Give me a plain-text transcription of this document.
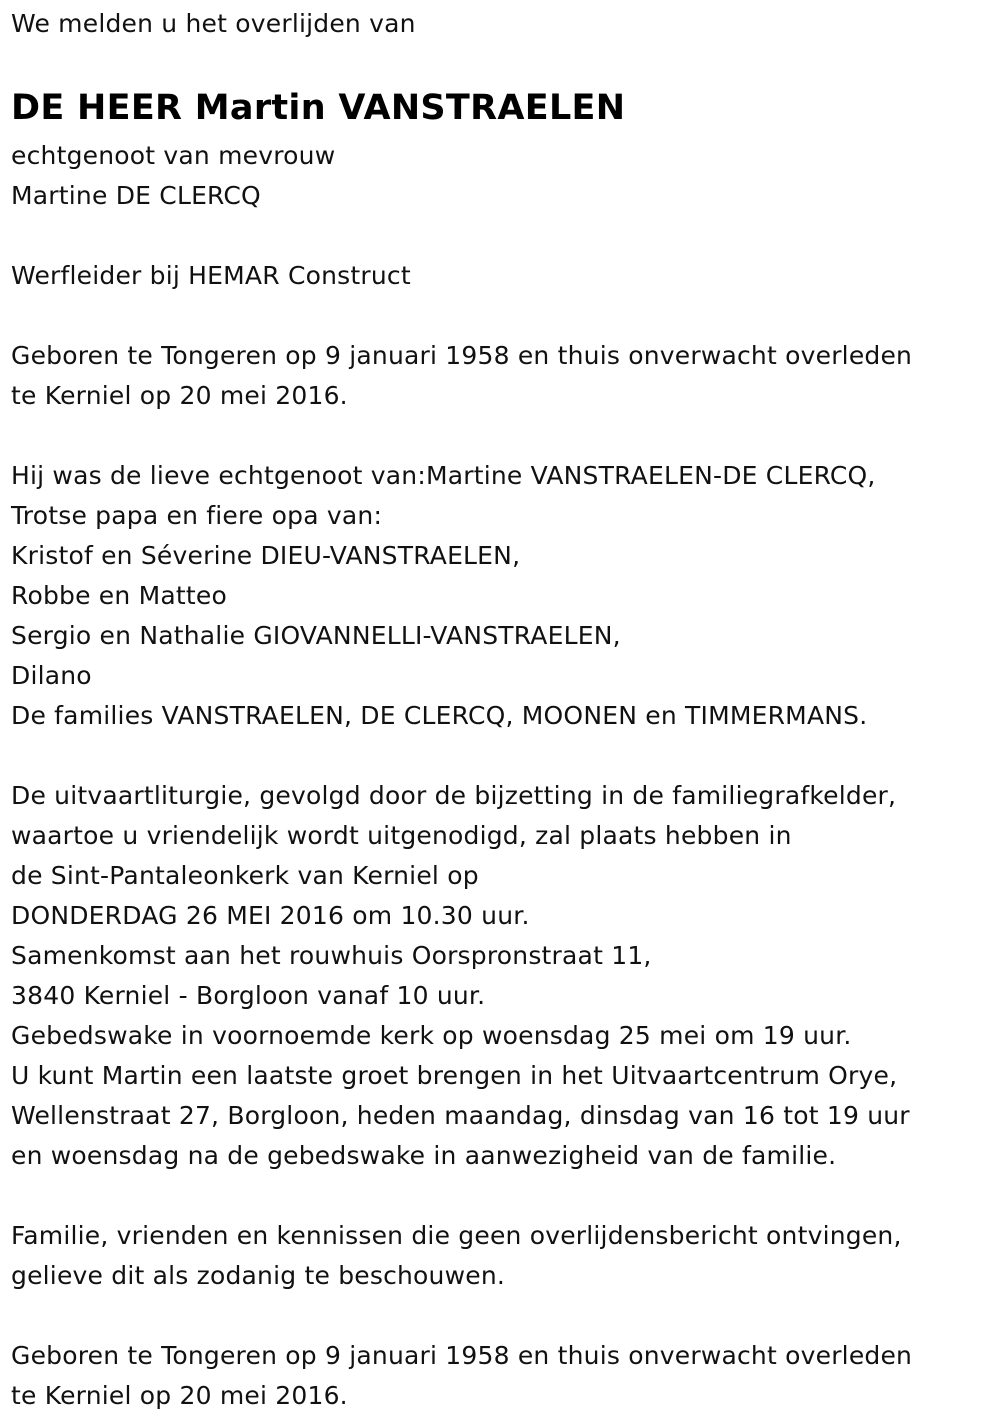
We melden u het overlijden van
DE HEER Martin VANSTRAELEN
echtgenoot van mevrouw
Martine DE CLERCQ
Werfleider bij HEMAR Construct
Geboren te Tongeren op 9 januari 1958 en thuis onverwacht overleden
te Kerniel op 20 mei 2016.
Hij was de lieve echtgenoot van:Martine VANSTRAELEN-DE CLERCQ,
Trotse papa en fiere opa van:
Kristof en Séverine DIEU-VANSTRAELEN,
Robbe en Matteo
Sergio en Nathalie GIOVANNELLI-VANSTRAELEN,
Dilano
De families VANSTRAELEN, DE CLERCQ, MOONEN en TIMMERMANS.
De uitvaartliturgie, gevolgd door de bijzetting in de familiegrafkelder,
waartoe u vriendelijk wordt uitgenodigd, zal plaats hebben in
de Sint-Pantaleonkerk van Kerniel op
DONDERDAG 26 MEI 2016 om 10.30 uur.
Samenkomst aan het rouwhuis Oorspronstraat 11,
3840 Kerniel - Borgloon vanaf 10 uur.
Gebedswake in voornoemde kerk op woensdag 25 mei om 19 uur.
U kunt Martin een laatste groet brengen in het Uitvaartcentrum Orye,
Wellenstraat 27, Borgloon, heden maandag, dinsdag van 16 tot 19 uur
en woensdag na de gebedswake in aanwezigheid van de familie.
Familie, vrienden en kennissen die geen overlijdensbericht ontvingen,
gelieve dit als zodanig te beschouwen.
Geboren te Tongeren op 9 januari 1958 en thuis onverwacht overleden
te Kerniel op 20 mei 2016.
